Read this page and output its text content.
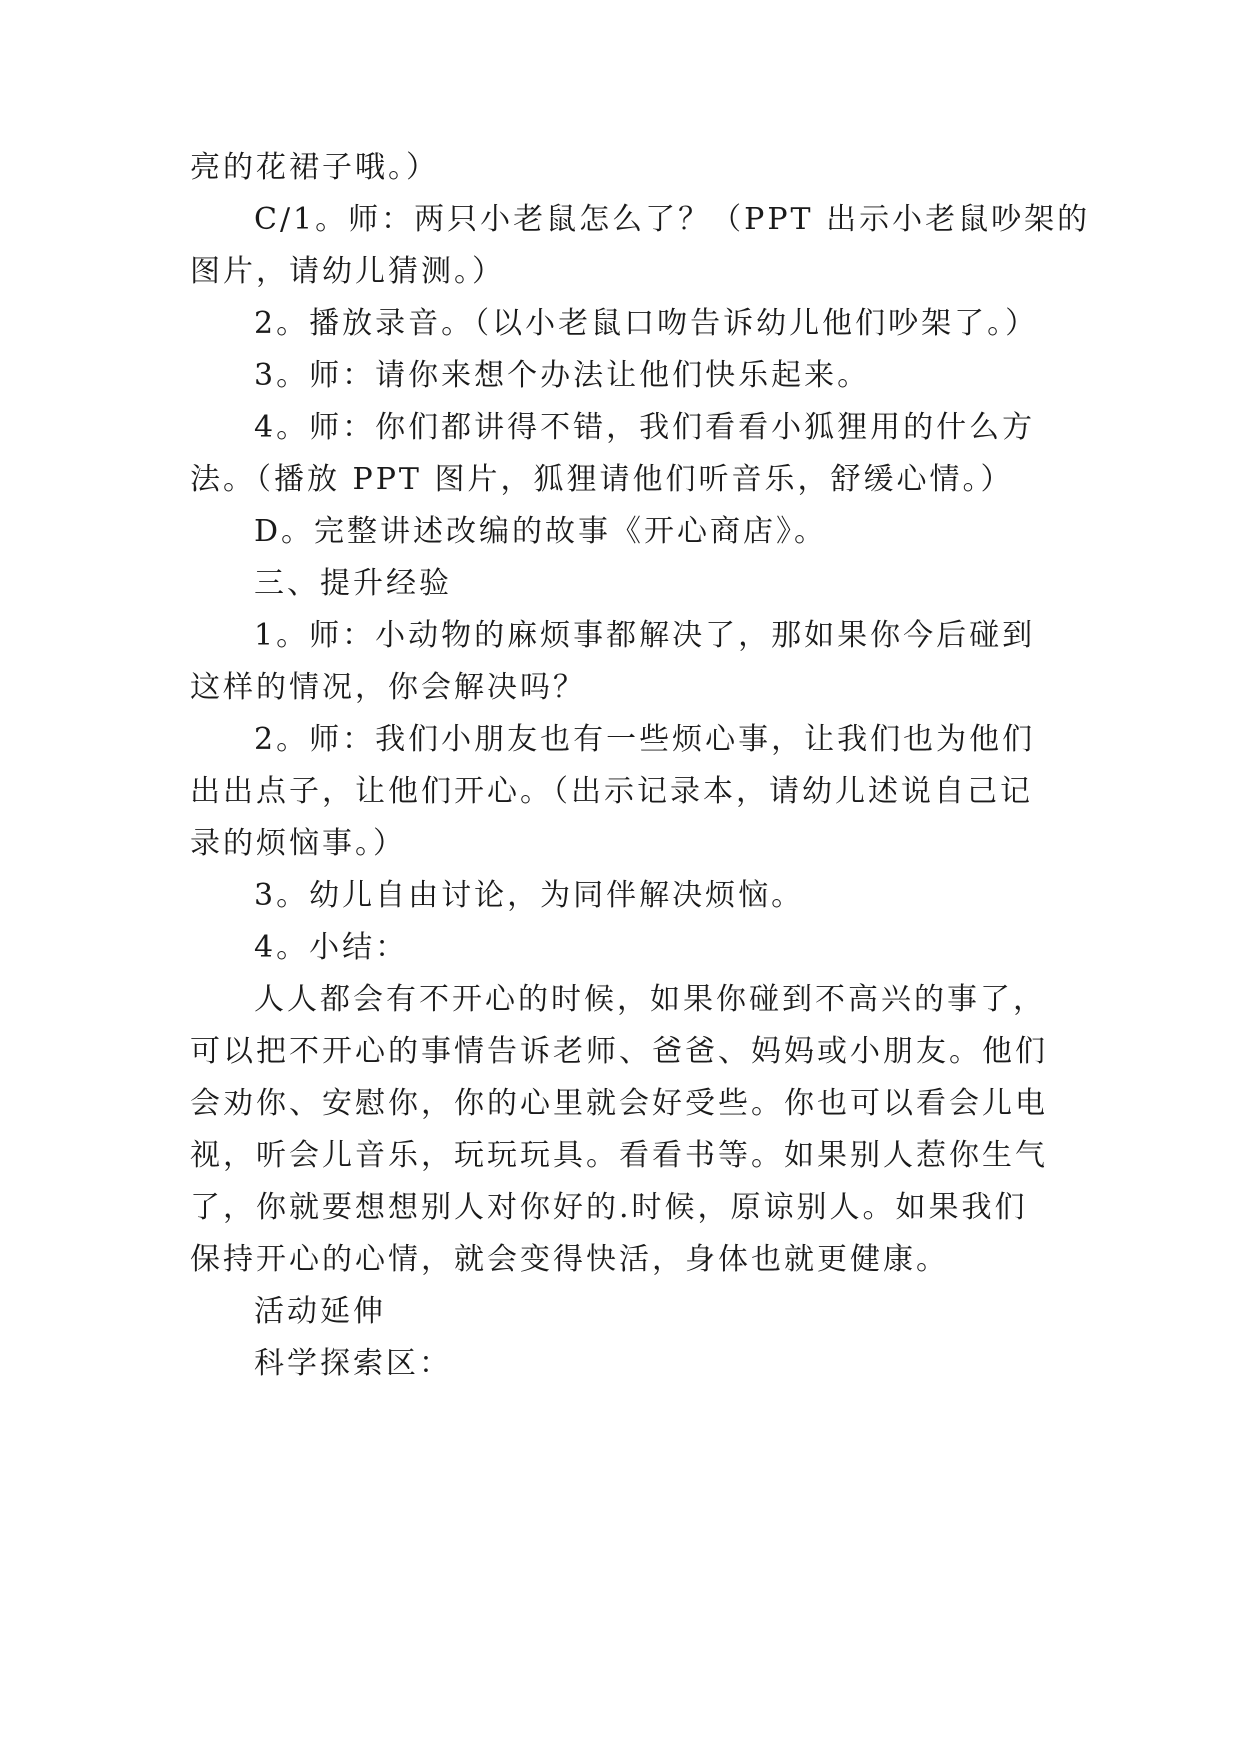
亮的花裙子哦。）
C/1。师：两只小老鼠怎么了？（PPT 出示小老鼠吵架的
图片，请幼儿猜测。）
2。播放录音。（以小老鼠口吻告诉幼儿他们吵架了。）
3。师：请你来想个办法让他们快乐起来。
4。师：你们都讲得不错，我们看看小狐狸用的什么方
法。（播放 PPT 图片，狐狸请他们听音乐，舒缓心情。）
D。完整讲述改编的故事《开心商店》。
三、提升经验
1。师：小动物的麻烦事都解决了，那如果你今后碰到
这样的情况，你会解决吗？
2。师：我们小朋友也有一些烦心事，让我们也为他们
出出点子，让他们开心。（出示记录本，请幼儿述说自己记
录的烦恼事。）
3。幼儿自由讨论，为同伴解决烦恼。
4。小结：
人人都会有不开心的时候，如果你碰到不高兴的事了，
可以把不开心的事情告诉老师、爸爸、妈妈或小朋友。他们
会劝你、安慰你，你的心里就会好受些。你也可以看会儿电
视，听会儿音乐，玩玩玩具。看看书等。如果别人惹你生气
了，你就要想想别人对你好的.时候，原谅别人。如果我们
保持开心的心情，就会变得快活，身体也就更健康。
活动延伸
科学探索区：
